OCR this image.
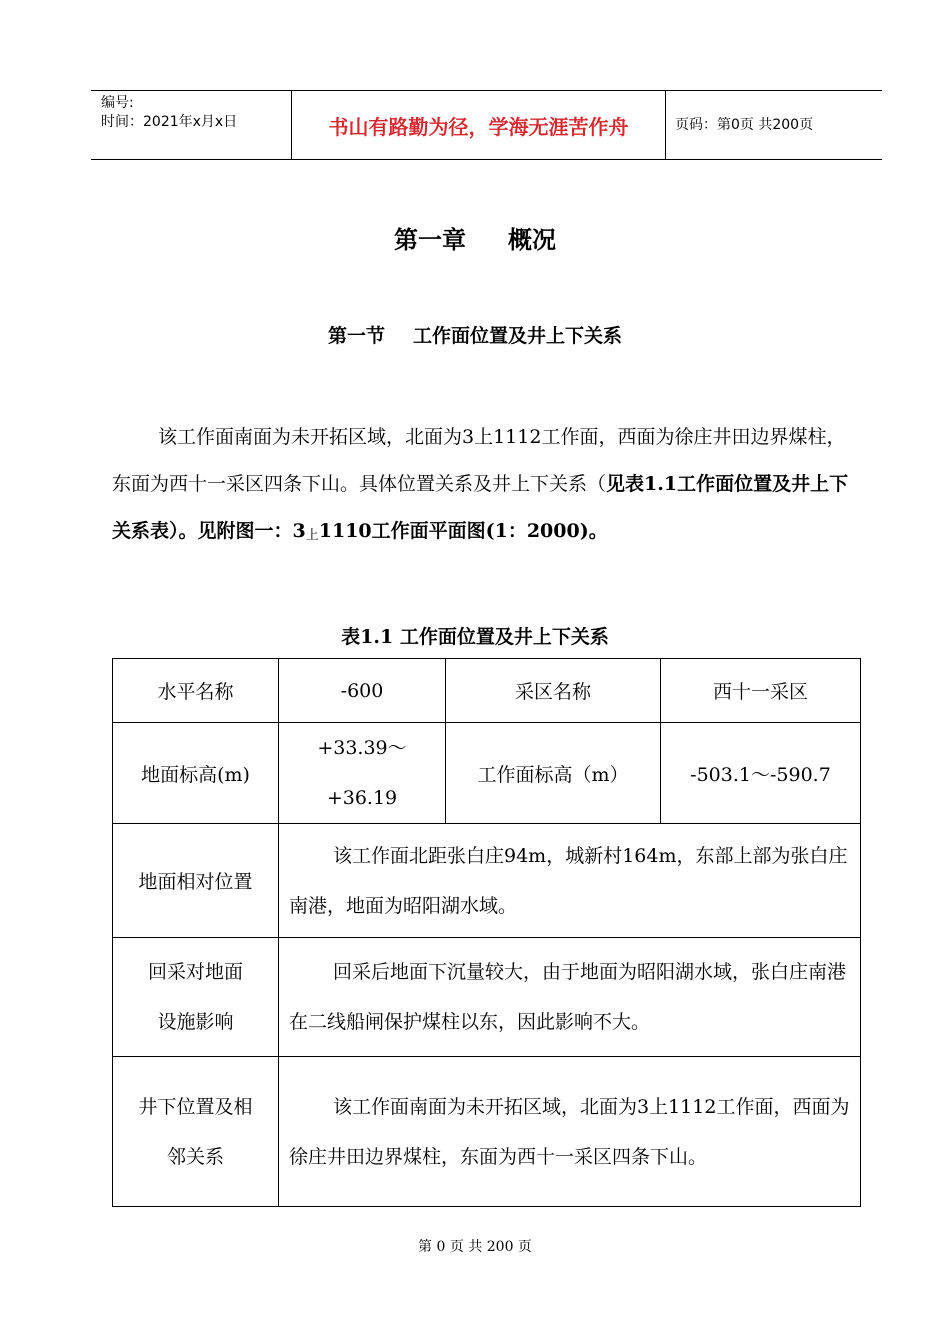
编号:
时间：2021年x月x日	书山有路勤为径，学海无涯苦作舟	页码：第0页 共200页
第一章 概况
第一节 工作面位置及井上下关系
该工作面南面为未开拓区域，北面为3上1112工作面，西面为徐庄井田边界煤柱，东面为西十一采区四条下山。具体位置关系及井上下关系（见表1.1工作面位置及井上下关系表）。见附图一：$3_上1110$工作面平面图(1：2000)。
表1.1 工作面位置及井上下关系
水平名称	-600	采区名称	西十一采区
地面标高(m)	+33.39～
+36.19	工作面标高（m）	-503.1～-590.7
地面相对位置	该工作面北距张白庄94m，城新村164m，东部上部为张白庄南港，地面为昭阳湖水域。		

回采对地面
设施影响	回采后地面下沉量较大，由于地面为昭阳湖水域，张白庄南港在二线船闸保护煤柱以东，因此影响不大。		

井下位置及相
邻关系	该工作面南面为未开拓区域，北面为3上1112工作面，西面为徐庄井田边界煤柱，东面为西十一采区四条下山。		
第 0 页 共 200 页
